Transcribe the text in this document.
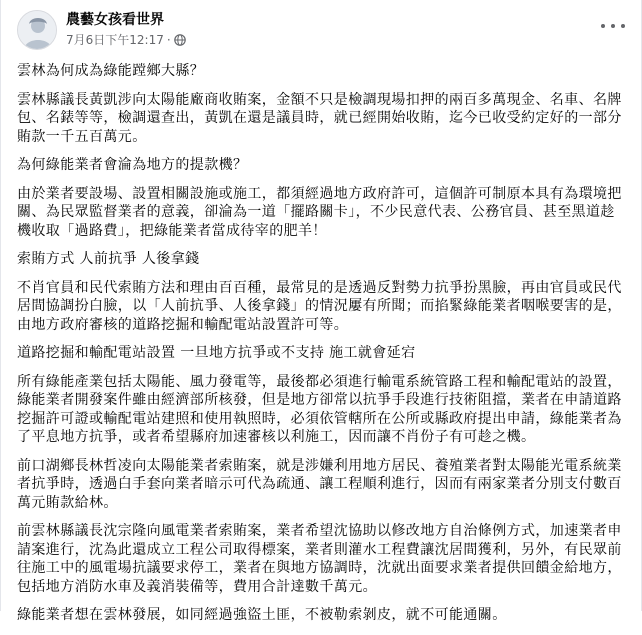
農藝女孩看世界
7月6日下午12:17 ·

雲林為何成為綠能蹚鄉大縣？

雲林縣議長黃凱涉向太陽能廠商收賄案，金額不只是檢調現場扣押的兩百多萬現金、名車、名牌包、名錶等等，檢調還查出，黃凱在還是議員時，就已經開始收賄，迄今已收受約定好的一部分賄款一千五百萬元。

為何綠能業者會淪為地方的提款機？

由於業者要設場、設置相關設施或施工，都須經過地方政府許可，這個許可制原本具有為環境把關、為民眾監督業者的意義，卻淪為一道「擺路關卡」，不少民意代表、公務官員、甚至黑道趁機收取「過路費」，把綠能業者當成待宰的肥羊！

索賄方式 人前抗爭 人後拿錢

不肖官員和民代索賄方法和理由百百種，最常見的是透過反對勢力抗爭扮黑臉，再由官員或民代居間協調扮白臉，以「人前抗爭、人後拿錢」的情況屢有所聞；而掐緊綠能業者咽喉要害的是，由地方政府審核的道路挖掘和輸配電站設置許可等。

道路挖掘和輸配電站設置 一旦地方抗爭或不支持 施工就會延宕

所有綠能產業包括太陽能、風力發電等，最後都必須進行輸電系統管路工程和輸配電站的設置，綠能業者開發案件雖由經濟部所核發，但是地方卻常以抗爭手段進行技術阻擋，業者在申請道路挖掘許可證或輸配電站建照和使用執照時，必須依管轄所在公所或縣政府提出申請，綠能業者為了平息地方抗爭，或者希望縣府加速審核以利施工，因而讓不肖份子有可趁之機。

前口湖鄉長林哲凌向太陽能業者索賄案，就是涉嫌利用地方居民、養殖業者對太陽能光電系統業者抗爭時，透過白手套向業者暗示可代為疏通、讓工程順利進行，因而有兩家業者分別支付數百萬元賄款給林。

前雲林縣議長沈宗隆向風電業者索賄案，業者希望沈協助以修改地方自治條例方式，加速業者申請案進行，沈為此還成立工程公司取得標案，業者則灌水工程費讓沈居間獲利，另外，有民眾前往施工中的風電場抗議要求停工，業者在與地方協調時，沈就出面要求業者提供回饋金給地方，包括地方消防水車及義消裝備等，費用合計達數千萬元。

綠能業者想在雲林發展，如同經過強盜土匪，不被勒索剝皮，就不可能通關。
